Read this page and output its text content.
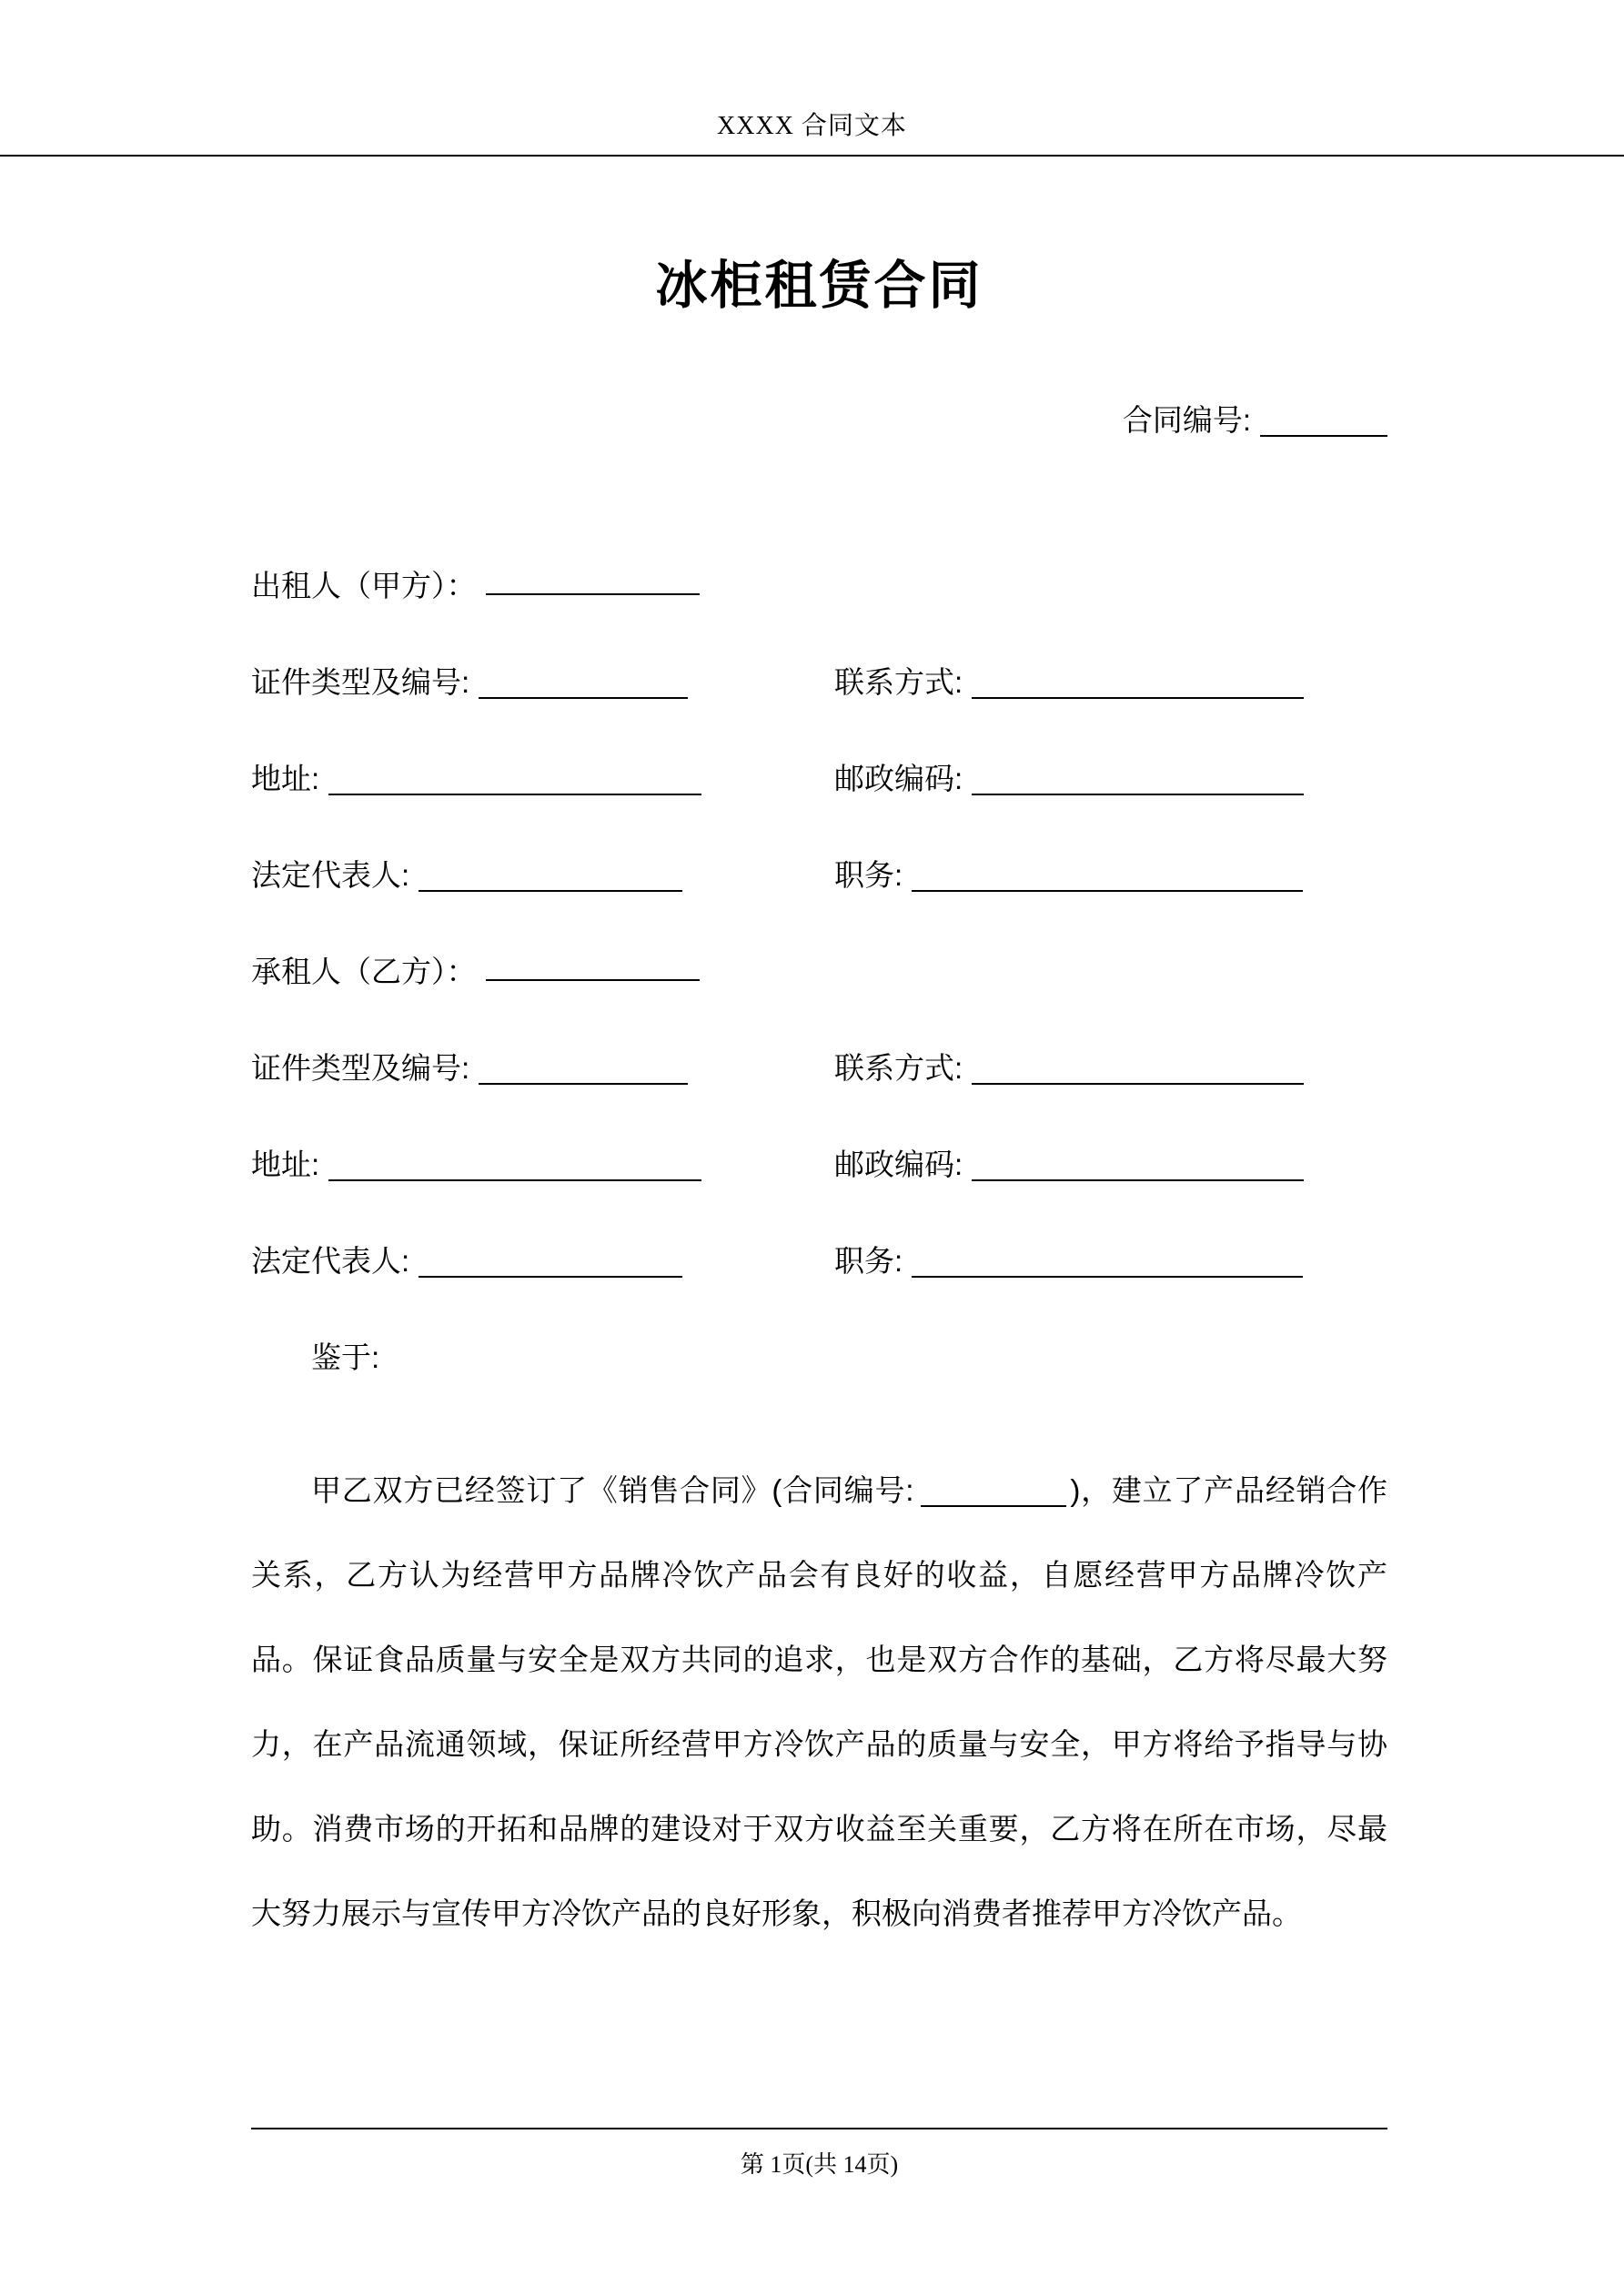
XXXX 合同文本
冰柜租赁合同
合同编号:
出租人（甲方）：
证件类型及编号:	联系方式:
地址:	邮政编码:
法定代表人:	职务:
承租人（乙方）：
证件类型及编号:	联系方式:
地址:	邮政编码:
法定代表人:	职务:
鉴于:

甲乙双方已经签订了《销售合同》(合同编号:	)，建立了产品经销合作关系，乙方认为经营甲方品牌冷饮产品会有良好的收益，自愿经营甲方品牌冷饮产品。保证食品质量与安全是双方共同的追求，也是双方合作的基础，乙方将尽最大努力，在产品流通领域，保证所经营甲方冷饮产品的质量与安全，甲方将给予指导与协助。消费市场的开拓和品牌的建设对于双方收益至关重要，乙方将在所在市场，尽最大努力展示与宣传甲方冷饮产品的良好形象，积极向消费者推荐甲方冷饮产品。

第 1页(共 14页)
